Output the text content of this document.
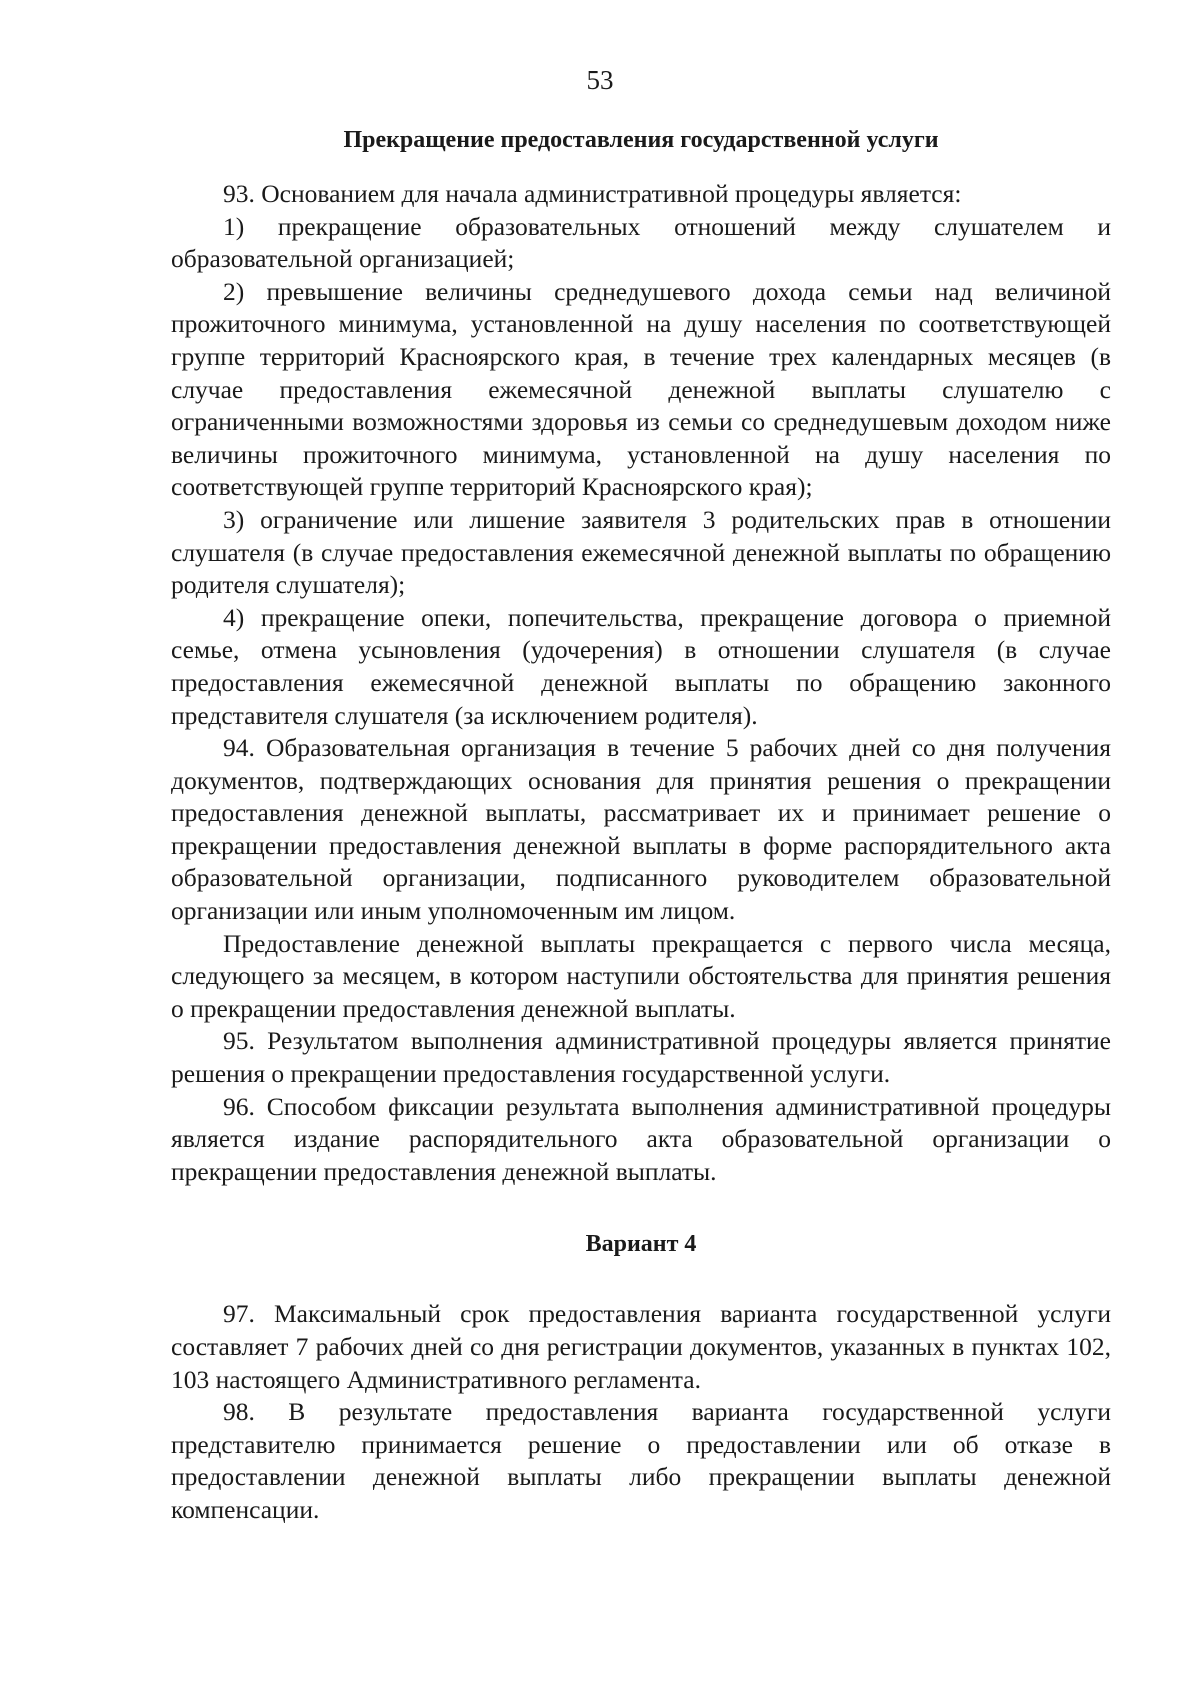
53
Прекращение предоставления государственной услуги

93. Основанием для начала административной процедуры является:

1) прекращение образовательных отношений между слушателем и образовательной организацией;

2) превышение величины среднедушевого дохода семьи над величиной прожиточного минимума, установленной на душу населения по соответствующей группе территорий Красноярского края, в течение трех календарных месяцев (в случае предоставления ежемесячной денежной выплаты слушателю с ограниченными возможностями здоровья из семьи со среднедушевым доходом ниже величины прожиточного минимума, установленной на душу населения по соответствующей группе территорий Красноярского края);

3) ограничение или лишение заявителя 3 родительских прав в отношении слушателя (в случае предоставления ежемесячной денежной выплаты по обращению родителя слушателя);

4) прекращение опеки, попечительства, прекращение договора о приемной семье, отмена усыновления (удочерения) в отношении слушателя (в случае предоставления ежемесячной денежной выплаты по обращению законного представителя слушателя (за исключением родителя).

94. Образовательная организация в течение 5 рабочих дней со дня получения документов, подтверждающих основания для принятия решения о прекращении предоставления денежной выплаты, рассматривает их и принимает решение о прекращении предоставления денежной выплаты в форме распорядительного акта образовательной организации, подписанного руководителем образовательной организации или иным уполномоченным им лицом.

Предоставление денежной выплаты прекращается с первого числа месяца, следующего за месяцем, в котором наступили обстоятельства для принятия решения о прекращении предоставления денежной выплаты.

95. Результатом выполнения административной процедуры является принятие решения о прекращении предоставления государственной услуги.

96. Способом фиксации результата выполнения административной процедуры является издание распорядительного акта образовательной организации о прекращении предоставления денежной выплаты.

Вариант 4

97. Максимальный срок предоставления варианта государственной услуги составляет 7 рабочих дней со дня регистрации документов, указанных в пунктах 102, 103 настоящего Административного регламента.

98. В результате предоставления варианта государственной услуги представителю принимается решение о предоставлении или об отказе в предоставлении денежной выплаты либо прекращении выплаты денежной компенсации.
